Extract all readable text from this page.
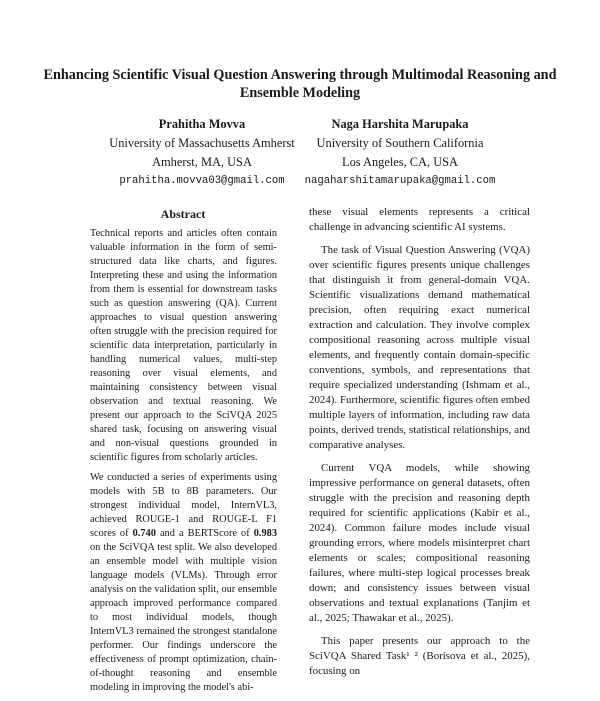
Enhancing Scientific Visual Question Answering through Multimodal Reasoning and Ensemble Modeling
Prahitha Movva
University of Massachusetts Amherst
Amherst, MA, USA
prahitha.movva03@gmail.com
Naga Harshita Marupaka
University of Southern California
Los Angeles, CA, USA
nagaharshitamarupaka@gmail.com
Abstract

Technical reports and articles often contain valuable information in the form of semi-structured data like charts, and figures. Interpreting these and using the information from them is essential for downstream tasks such as question answering (QA). Current approaches to visual question answering often struggle with the precision required for scientific data interpretation, particularly in handling numerical values, multi-step reasoning over visual elements, and maintaining consistency between visual observation and textual reasoning. We present our approach to the SciVQA 2025 shared task, focusing on answering visual and non-visual questions grounded in scientific figures from scholarly articles.

We conducted a series of experiments using models with 5B to 8B parameters. Our strongest individual model, InternVL3, achieved ROUGE-1 and ROUGE-L F1 scores of 0.740 and a BERTScore of 0.983 on the SciVQA test split. We also developed an ensemble model with multiple vision language models (VLMs). Through error analysis on the validation split, our ensemble approach improved performance compared to most individual models, though InternVL3 remained the strongest standalone performer. Our findings underscore the effectiveness of prompt optimization, chain-of-thought reasoning and ensemble modeling in improving the model's abi-

these visual elements represents a critical challenge in advancing scientific AI systems.

The task of Visual Question Answering (VQA) over scientific figures presents unique challenges that distinguish it from general-domain VQA. Scientific visualizations demand mathematical precision, often requiring exact numerical extraction and calculation. They involve complex compositional reasoning across multiple visual elements, and frequently contain domain-specific conventions, symbols, and representations that require specialized understanding (Ishmam et al., 2024). Furthermore, scientific figures often embed multiple layers of information, including raw data points, derived trends, statistical relationships, and comparative analyses.

Current VQA models, while showing impressive performance on general datasets, often struggle with the precision and reasoning depth required for scientific applications (Kabir et al., 2024). Common failure modes include visual grounding errors, where models misinterpret chart elements or scales; compositional reasoning failures, where multi-step logical processes break down; and consistency issues between visual observations and textual explanations (Tanjim et al., 2025; Thawakar et al., 2025).

This paper presents our approach to the SciVQA Shared Task¹ ² (Borisova et al., 2025), focusing on
